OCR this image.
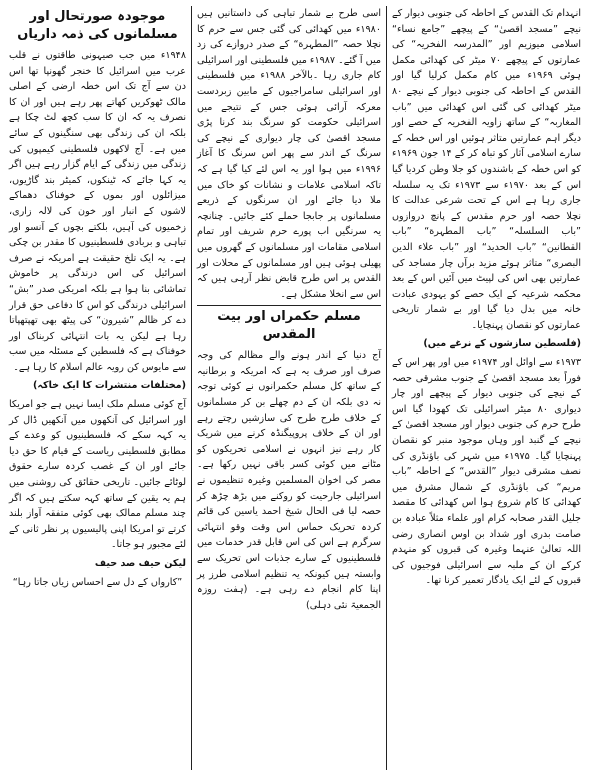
انہدام تک القدس کے احاطہ کی جنوبی دیوار کے نیچے ”مسجد اقصیٰ“ کے پیچھے ”جامع نساء“ اسلامی میوزیم اور ”المدرسہ الفخریہ“ کی عمارتوں کے پیچھے ۷۰ میٹر کی کھدائی مکمل ہوئی ۱۹۶۹ء میں کام مکمل کرلیا گیا اور القدس کے احاطہ کی جنوبی دیوار کے نیچے ۸۰ میٹر کھدائی کی گئی اس کھدائی میں ”باب المغاربہ“ کے ساتھ زاویہ الفخریہ کے حصے اور دیگر اہم عمارتیں متاثر ہوئیں اور اس خطہ کے سارے اسلامی آثار کو تباہ کر کے ۱۴ جون ۱۹۶۹ء کو اس خطہ کے باشندوں کو جلا وطن کردیا گیا اس کے بعد ۱۹۷۰ء سے ۱۹۷۳ء تک یہ سلسلہ جاری رہا ہے اس کے تحت شرعی عدالت کا نچلا حصہ اور حرم مقدس کے پانچ دروازوں ”باب السلسلہ“ ”باب المطہرة“ ”باب القطانین“ ”باب الحدید“ اور ”باب علاء الدین البصری“ متاثر ہوئے مزید برآں چار مساجد کی عمارتیں بھی اس کی لپیٹ میں آئیں اس کے بعد محکمہ شرعیہ کے ایک حصے کو یہودی عبادت خانہ میں بدل دیا گیا اور بے شمار تاریخی عمارتوں کو نقصان پہنچایا۔

(فلسطین سازشوں کے نرغے میں)

۱۹۷۳ء سے اوائل اور ۱۹۷۴ء میں اور پھر اس کے فوراً بعد مسجد اقصیٰ کے جنوب مشرقی حصہ کے نیچے کی جنوبی دیوار کے پیچھے اور چار دیواری ۸۰ میٹر اسرائیلی تک کھودا گیا اس طرح حرم کی جنوبی دیوار اور مسجد اقصیٰ کے نیچے کے گنبد اور وہاں موجود منبر کو نقصان پہنچایا گیا۔ ۱۹۷۵ء میں شہر کی باؤنڈری کی نصف مشرقی دیوار ”القدس“ کے احاطہ ”باب مریم“ کی باؤنڈری کے شمال مشرق میں کھدائی کا کام شروع ہوا اس کھدائی کا مقصد جلیل القدر صحابہ کرام اور علماء مثلاً عبادہ بن صامت بدری اور شداد بن اوس انصاری رضی اللہ تعالیٰ عنہما وغیرہ کی قبروں کو منہدم کرکے ان کے ملبہ سے اسرائیلی فوجیوں کی قبروں کے لئے ایک یادگار تعمیر کرنا تھا۔

اسی طرح بے شمار تباہی کی داستانیں ہیں ۱۹۸۰ء میں کھدائی کی گئی جس سے حرم کا نچلا حصہ ”المطہرة“ کے صدر دروازے کی زد میں آ گئے۔ ۱۹۸۷ء میں فلسطینی اور اسرائیلی کام جاری رہا ۔بالآخر ۱۹۸۸ء میں فلسطینی اور اسرائیلی سامراجیوں کے مابین زبردست معرکہ آرائی ہوئی جس کے نتیجے میں اسرائیلی حکومت کو سرنگ بند کرنا پڑی مسجد اقصیٰ کی چار دیواری کے نیچے کی سرنگ کے اندر سے پھر اس سرنگ کا آغاز ۱۹۹۶ء میں ہوا اور یہ اس لئے کیا گیا ہے کہ تاکہ اسلامی علامات و نشانات کو خاک میں ملا دیا جائے اور ان سرنگوں کے ذریعے مسلمانوں پر جابجا حملے کئے جائیں۔ چنانچہ یہ سرنگیں اب پورے حرم شریف اور تمام اسلامی مقامات اور مسلمانوں کے گھروں میں پھیلی ہوئی ہیں اور مسلمانوں کے محلات اور القدس پر اس طرح قابض نظر آرہی ہیں کہ اس سے انخلا مشکل ہے۔

مسلم حکمراں اور بیت المقدس

آج دنیا کے اندر ہونے والے مظالم کی وجہ صرف اور صرف یہ ہے کہ امریکہ و برطانیہ کے ساتھ کل مسلم حکمرانوں نے کوئی توجہ نہ دی بلکہ ان کے دم چھلے بن کر مسلمانوں کے خلاف طرح طرح کی سازشیں رچتے رہے اور ان کے خلاف پروپیگنڈہ کرنے میں شریک کار رہے نیز انہوں نے اسلامی تحریکوں کو مٹانے میں کوئی کسر باقی نہیں رکھا ہے۔ مصر کی اخوان المسلمین وغیرہ تنظیموں نے اسرائیلی جارحیت کو روکنے میں بڑھ چڑھ کر حصہ لیا فی الحال شیخ احمد یاسین کی قائم کردہ تحریک حماس اس وقت وقو انتہائی سرگرم ہے اس کی اس قابل قدر خدمات میں فلسطینیوں کے سارے جذبات اس تحریک سے وابستہ ہیں کیونکہ یہ تنظیم اسلامی طرز پر اپنا کام انجام دے رہی ہے۔ (ہفت روزہ الجمعیۃ نئی دہلی)

موجودہ صورتحال اور مسلمانوں کی ذمہ داریاں

۱۹۴۸ء میں جب صیہونی طاقتوں نے قلب عرب میں اسرائیل کا خنجر گھونپا تھا اس دن سے آج تک اس خطہ ارضی کے اصلی مالک ٹھوکریں کھاتے پھر رہے ہیں اور ان کا نصرف یہ کہ ان کا سب کچھ لٹ چکا ہے بلکہ ان کی زندگی بھی سنگینوں کے سائے میں ہے۔ آج لاکھوں فلسطینی کیمپوں کی زندگی میں زندگی کے ایام گزار رہے ہیں اگر یہ کہا جائے کہ ٹینکوں، کمیٹر بند گاڑیوں، میزائلوں اور بموں کے خوفناک دھماکے لاشوں کے انبار اور خون کی لالہ زاری، زخمیوں کی آہیں، بلکتے بچوں کے آنسو اور تباہی و بربادی فلسطینیوں کا مقدر بن چکی ہے۔ یہ ایک تلخ حقیقت ہے امریکہ نے صرف اسرائیل کی اس درندگی پر خاموش تماشائی بنا ہوا ہے بلکہ امریکی صدر ”بش“ اسرائیلی درندگی کو اس کا دفاعی حق قرار دے کر ظالم ”شیرون“ کی پیٹھ بھی تھپتھپاتا رہا ہے لیکن یہ بات انتہائی کربناک اور خوفناک ہے کہ فلسطین کے مسئلہ میں سب سے مایوس کن رویہ عالم اسلام کا رہا ہے۔

(مختلفات منتشرات کا ایک خاکہ)

آج کوئی مسلم ملک ایسا نہیں ہے جو امریکا اور اسرائیل کی آنکھوں میں آنکھیں ڈال کر یہ کہہ سکے کہ فلسطینیوں کو وعدے کے مطابق فلسطینی ریاست کے قیام کا حق دیا جائے اور ان کے غصب کردہ سارے حقوق لوٹائے جائیں۔ تاریخی حقائق کی روشنی میں ہم یہ یقین کے ساتھ کہہ سکتے ہیں کہ اگر چند مسلم ممالک بھی کوئی متفقہ آواز بلند کرتے تو امریکا اپنی پالیسیوں پر نظر ثانی کے لئے مجبور ہو جاتا۔

لیکن حیف صد حیف

”کارواں کے دل سے احساس زیاں جاتا رہا“
